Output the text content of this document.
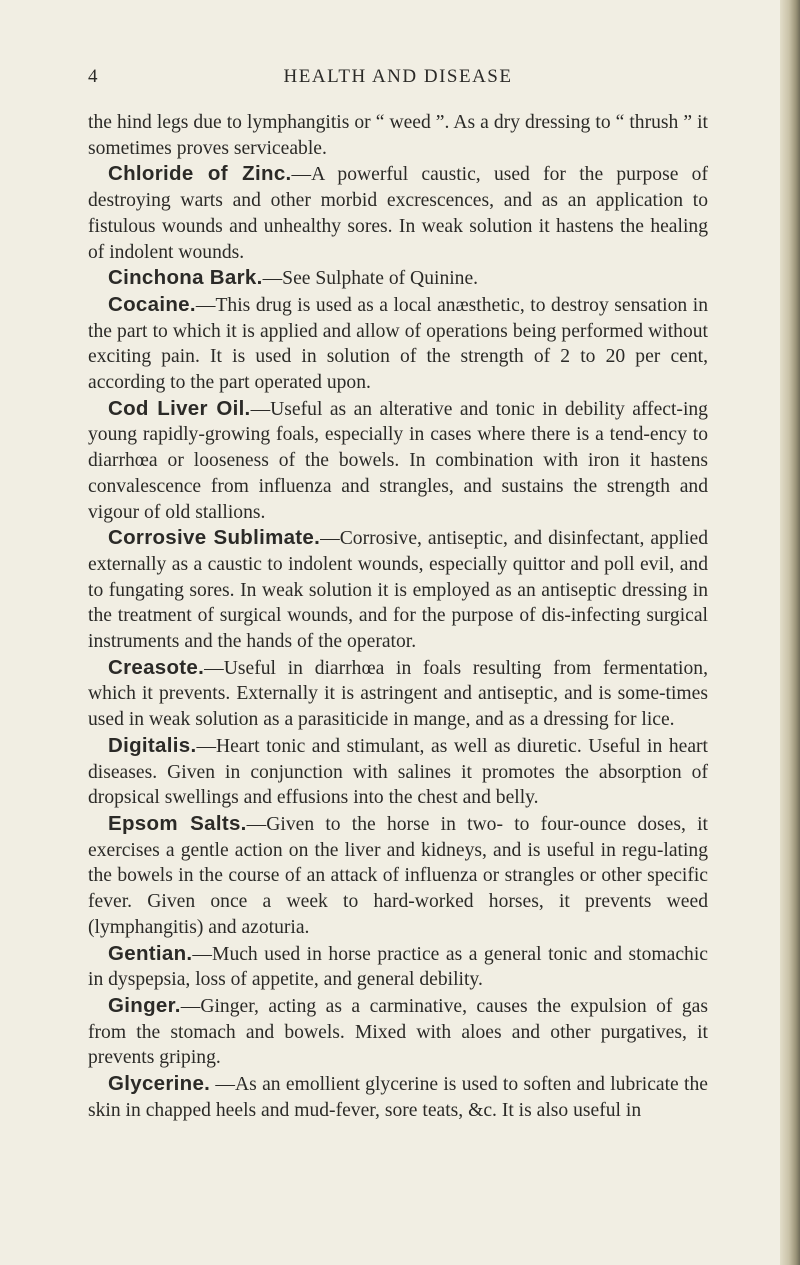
4	HEALTH AND DISEASE

the hind legs due to lymphangitis or “ weed ”. As a dry dressing to “ thrush ” it sometimes proves serviceable.

Chloride of Zinc.—A powerful caustic, used for the purpose of destroying warts and other morbid excrescences, and as an application to fistulous wounds and unhealthy sores. In weak solution it hastens the healing of indolent wounds.

Cinchona Bark.—See Sulphate of Quinine.

Cocaine.—This drug is used as a local anæsthetic, to destroy sensation in the part to which it is applied and allow of operations being performed without exciting pain. It is used in solution of the strength of 2 to 20 per cent, according to the part operated upon.

Cod Liver Oil.—Useful as an alterative and tonic in debility affect-ing young rapidly-growing foals, especially in cases where there is a tend-ency to diarrhœa or looseness of the bowels. In combination with iron it hastens convalescence from influenza and strangles, and sustains the strength and vigour of old stallions.

Corrosive Sublimate.—Corrosive, antiseptic, and disinfectant, applied externally as a caustic to indolent wounds, especially quittor and poll evil, and to fungating sores. In weak solution it is employed as an antiseptic dressing in the treatment of surgical wounds, and for the purpose of dis-infecting surgical instruments and the hands of the operator.

Creasote.—Useful in diarrhœa in foals resulting from fermentation, which it prevents. Externally it is astringent and antiseptic, and is some-times used in weak solution as a parasiticide in mange, and as a dressing for lice.

Digitalis.—Heart tonic and stimulant, as well as diuretic. Useful in heart diseases. Given in conjunction with salines it promotes the absorption of dropsical swellings and effusions into the chest and belly.

Epsom Salts.—Given to the horse in two- to four-ounce doses, it exercises a gentle action on the liver and kidneys, and is useful in regu-lating the bowels in the course of an attack of influenza or strangles or other specific fever. Given once a week to hard-worked horses, it prevents weed (lymphangitis) and azoturia.

Gentian.—Much used in horse practice as a general tonic and stomachic in dyspepsia, loss of appetite, and general debility.

Ginger.—Ginger, acting as a carminative, causes the expulsion of gas from the stomach and bowels. Mixed with aloes and other purgatives, it prevents griping.

Glycerine. —As an emollient glycerine is used to soften and lubricate the skin in chapped heels and mud-fever, sore teats, &c. It is also useful in
